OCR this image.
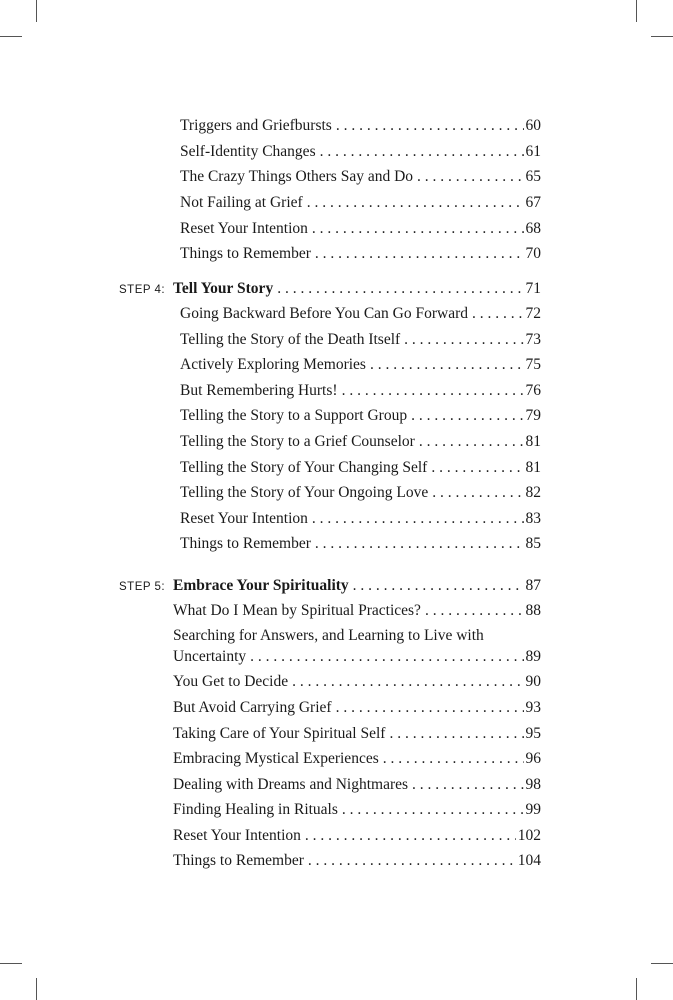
Triggers and Griefbursts . . .	60
Self-Identity Changes . . .	61
The Crazy Things Others Say and Do . . .	65
Not Failing at Grief . . .	67
Reset Your Intention . . .	68
Things to Remember . . .	70
STEP 4: Tell Your Story . . .	71
Going Backward Before You Can Go Forward . . .	72
Telling the Story of the Death Itself . . .	73
Actively Exploring Memories . . .	75
But Remembering Hurts! . . .	76
Telling the Story to a Support Group . . .	79
Telling the Story to a Grief Counselor . . .	81
Telling the Story of Your Changing Self . . .	81
Telling the Story of Your Ongoing Love . . .	82
Reset Your Intention . . .	83
Things to Remember . . .	85
STEP 5: Embrace Your Spirituality . . .	87
What Do I Mean by Spiritual Practices? . . .	88
Searching for Answers, and Learning to Live with
Uncertainty . . .	89
You Get to Decide . . .	90
But Avoid Carrying Grief . . .	93
Taking Care of Your Spiritual Self . . .	95
Embracing Mystical Experiences . . .	96
Dealing with Dreams and Nightmares . . .	98
Finding Healing in Rituals . . .	99
Reset Your Intention . . .	102
Things to Remember . . .	104
